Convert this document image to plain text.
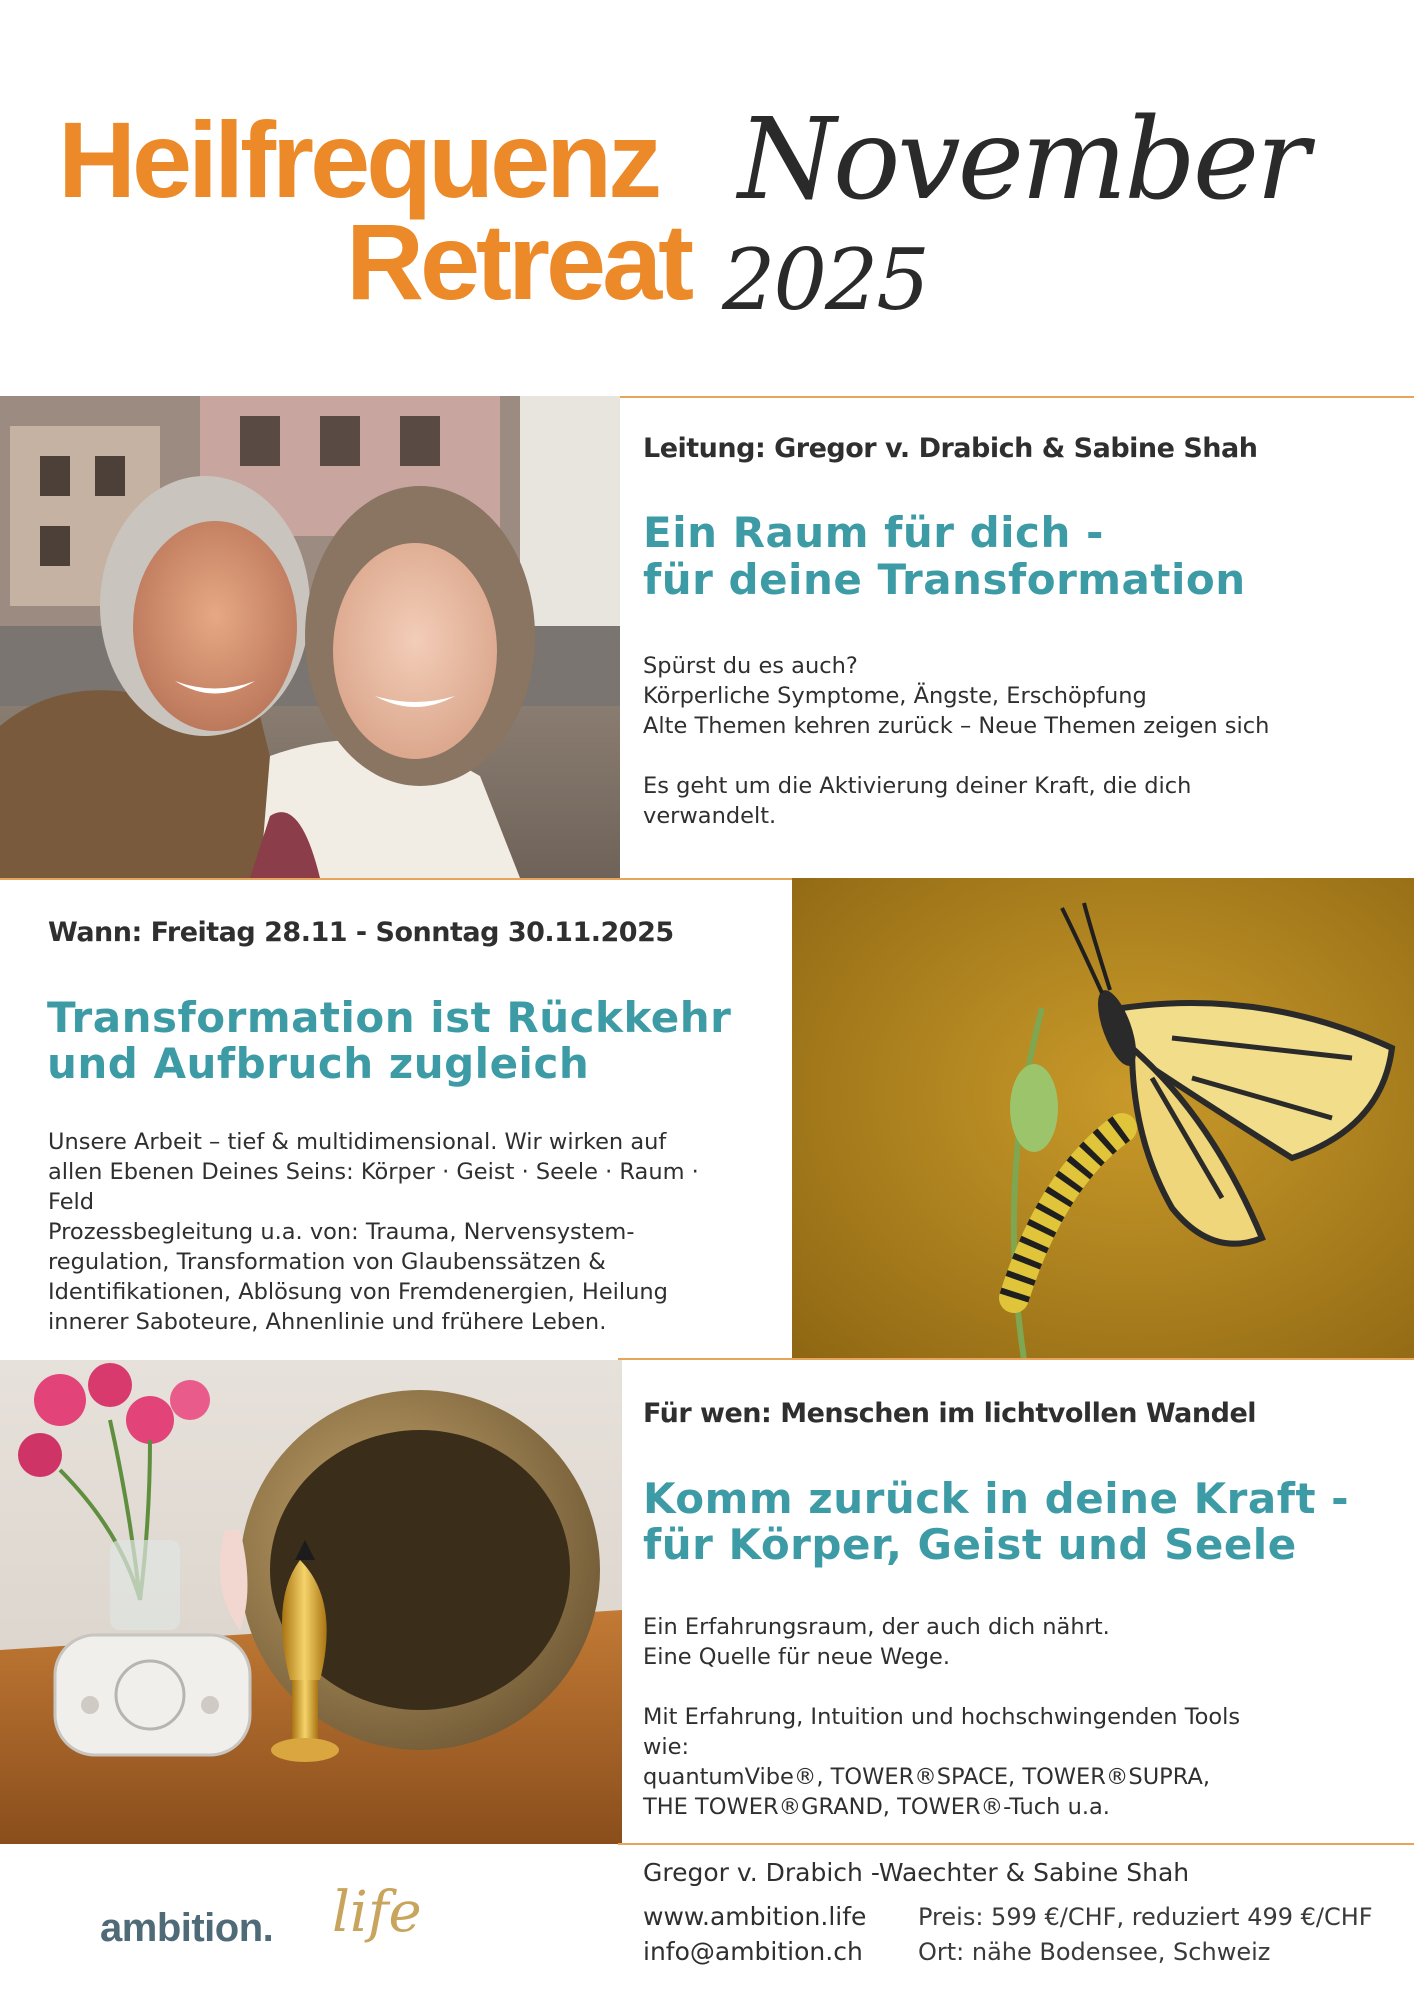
Heilfrequenz
Retreat
November
2025
Leitung: Gregor v. Drabich & Sabine Shah
Ein Raum für dich -
für deine Transformation

Spürst du es auch?

Körperliche Symptome, Ängste, Erschöpfung

Alte Themen kehren zurück – Neue Themen zeigen sich

Es geht um die Aktivierung deiner Kraft, die dich

verwandelt.

Wann: Freitag 28.11 - Sonntag 30.11.2025
Transformation ist Rückkehr
und Aufbruch zugleich

Unsere Arbeit – tief & multidimensional. Wir wirken auf

allen Ebenen Deines Seins: Körper · Geist · Seele · Raum ·

Feld

Prozessbegleitung u.a. von: Trauma, Nervensystem-

regulation, Transformation von Glaubenssätzen &

Identifikationen, Ablösung von Fremdenergien, Heilung

innerer Saboteure, Ahnenlinie und frühere Leben.

Für wen: Menschen im lichtvollen Wandel
Komm zurück in deine Kraft -
für Körper, Geist und Seele

Ein Erfahrungsraum, der auch dich nährt.

Eine Quelle für neue Wege.

Mit Erfahrung, Intuition und hochschwingenden Tools

wie:

quantumVibe®, TOWER®SPACE, TOWER®SUPRA,

THE TOWER®GRAND, TOWER®-Tuch u.a.

ambition. life
Gregor v. Drabich -Waechter & Sabine Shah
www.ambition.life
info@ambition.ch
Preis: 599 €/CHF, reduziert 499 €/CHF
Ort: nähe Bodensee, Schweiz
